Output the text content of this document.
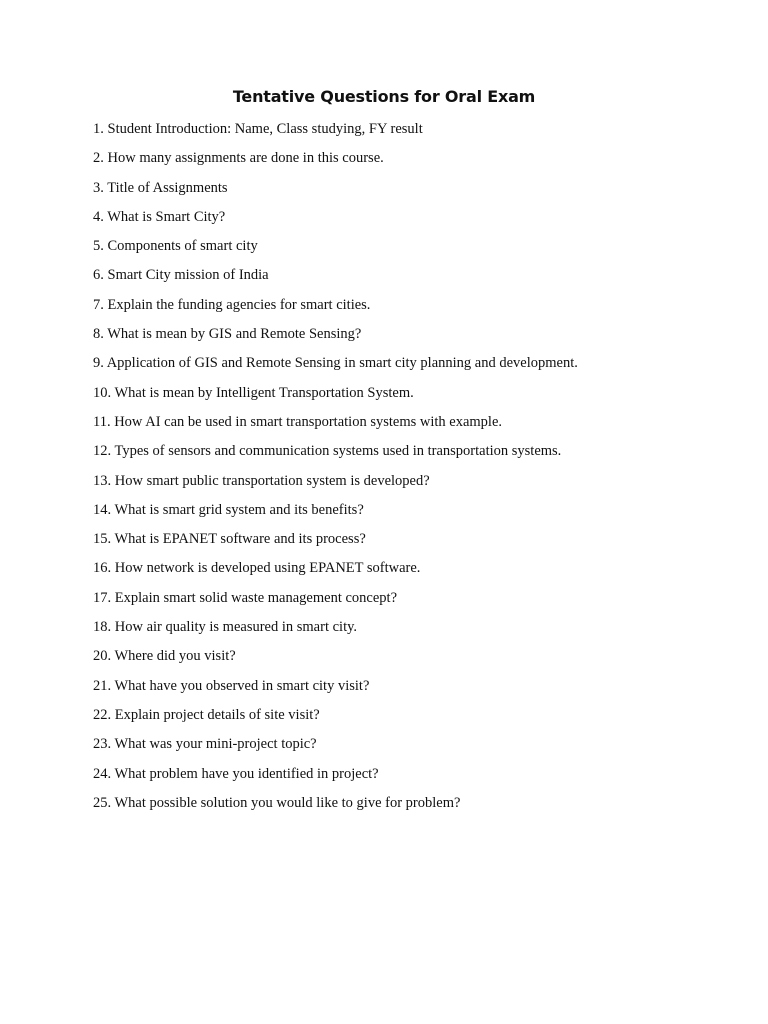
Tentative Questions for Oral Exam
1. Student Introduction: Name, Class studying, FY result
2. How many assignments are done in this course.
3. Title of Assignments
4. What is Smart City?
5. Components of smart city
6. Smart City mission of India
7. Explain the funding agencies for smart cities.
8. What is mean by GIS and Remote Sensing?
9. Application of GIS and Remote Sensing in smart city planning and development.
10. What is mean by Intelligent Transportation System.
11. How AI can be used in smart transportation systems with example.
12. Types of sensors and communication systems used in transportation systems.
13. How smart public transportation system is developed?
14. What is smart grid system and its benefits?
15. What is EPANET software and its process?
16. How network is developed using EPANET software.
17. Explain smart solid waste management concept?
18. How air quality is measured in smart city.
20. Where did you visit?
21. What have you observed in smart city visit?
22. Explain project details of site visit?
23. What was your mini-project topic?
24. What problem have you identified in project?
25. What possible solution you would like to give for problem?
